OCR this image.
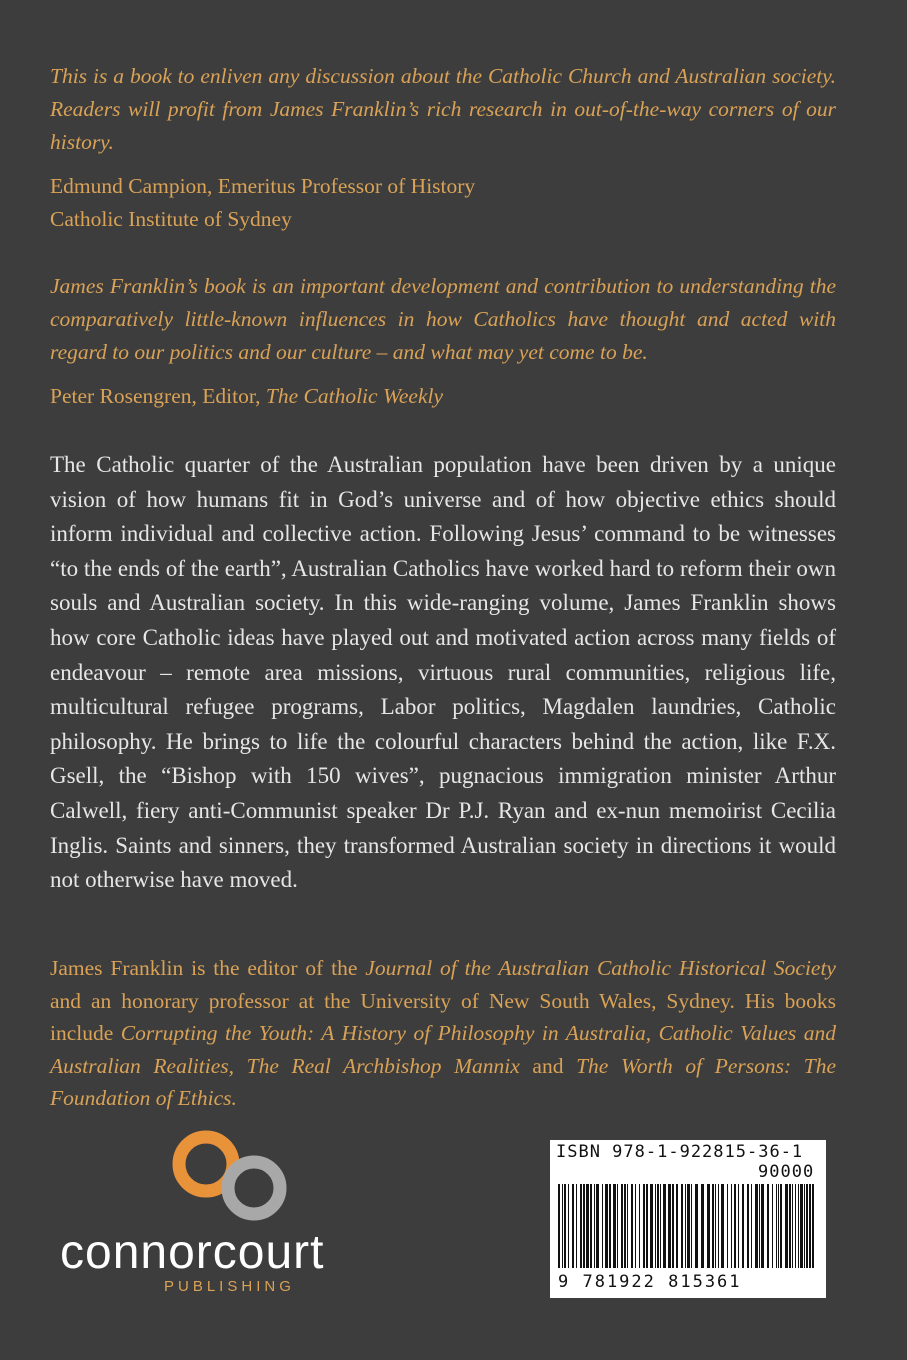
This is a book to enliven any discussion about the Catholic Church and Australian society. Readers will profit from James Franklin’s rich research in out-of-the-way corners of our history.

Edmund Campion, Emeritus Professor of History

Catholic Institute of Sydney

James Franklin’s book is an important development and contribution to understanding the comparatively little-known influences in how Catholics have thought and acted with regard to our politics and our culture – and what may yet come to be.

Peter Rosengren, Editor, The Catholic Weekly

The Catholic quarter of the Australian population have been driven by a unique vision of how humans fit in God’s universe and of how objective ethics should inform individual and collective action. Following Jesus’ command to be witnesses “to the ends of the earth”, Australian Catholics have worked hard to reform their own souls and Australian society. In this wide-ranging volume, James Franklin shows how core Catholic ideas have played out and motivated action across many fields of endeavour – remote area missions, virtuous rural communities, religious life, multicultural refugee programs, Labor politics, Magdalen laundries, Catholic philosophy. He brings to life the colourful characters behind the action, like F.X. Gsell, the “Bishop with 150 wives”, pugnacious immigration minister Arthur Calwell, fiery anti-Communist speaker Dr P.J. Ryan and ex-nun memoirist Cecilia Inglis. Saints and sinners, they transformed Australian society in directions it would not otherwise have moved.

James Franklin is the editor of the Journal of the Australian Catholic Historical Society and an honorary professor at the University of New South Wales, Sydney. His books include Corrupting the Youth: A History of Philosophy in Australia, Catholic Values and Australian Realities, The Real Archbishop Mannix and The Worth of Persons: The Foundation of Ethics.

connorcourt
PUBLISHING
ISBN 978-1-922815-36-1
90000
9 781922 815361
